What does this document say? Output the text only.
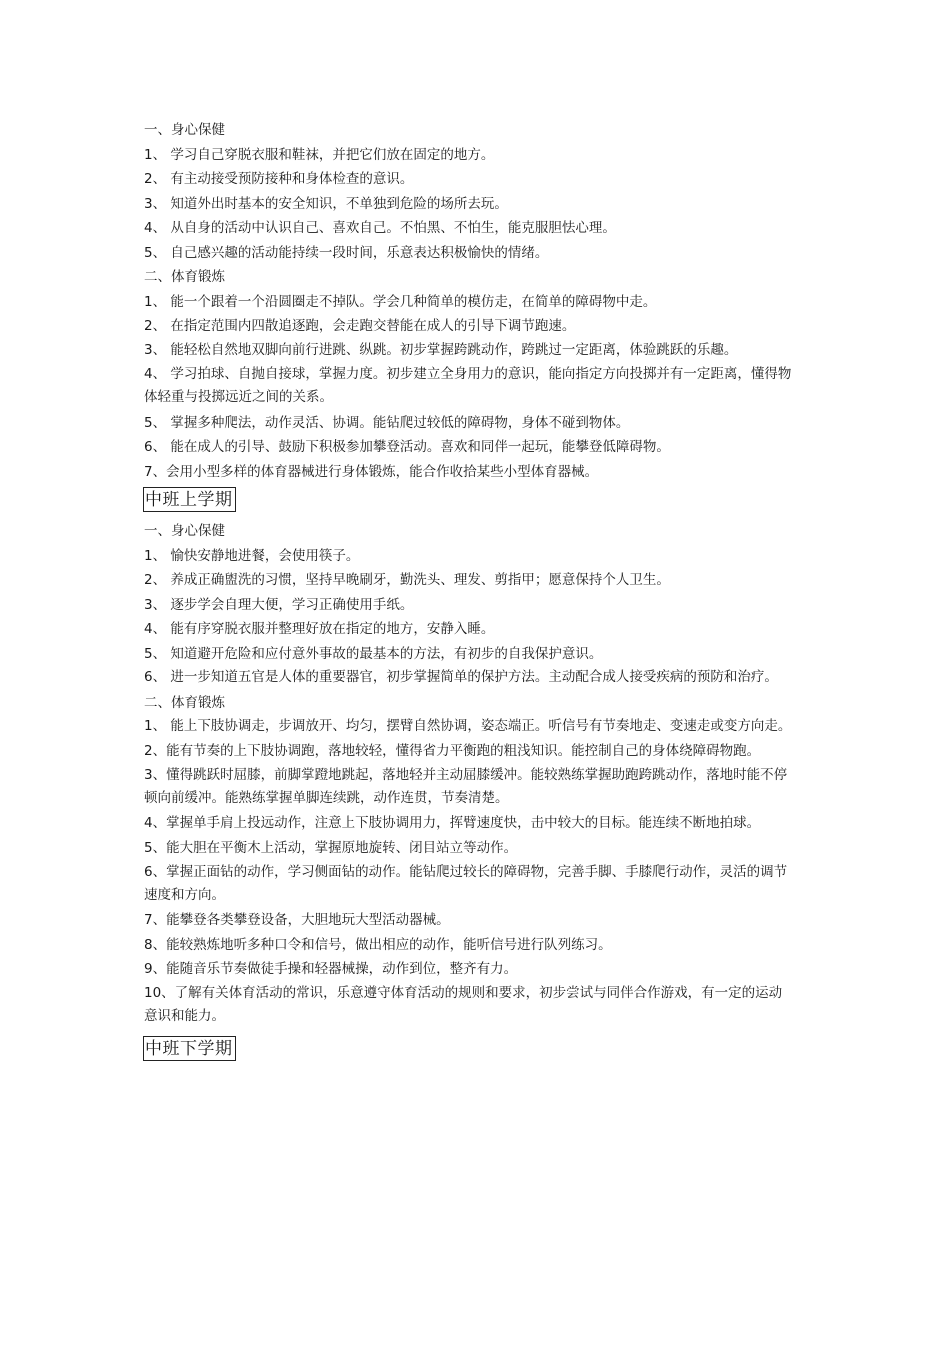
一、身心保健
1、 学习自己穿脱衣服和鞋袜，并把它们放在固定的地方。
2、 有主动接受预防接种和身体检查的意识。
3、 知道外出时基本的安全知识，不单独到危险的场所去玩。
4、 从自身的活动中认识自己、喜欢自己。不怕黑、不怕生，能克服胆怯心理。
5、 自己感兴趣的活动能持续一段时间，乐意表达积极愉快的情绪。
二、体育锻炼
1、 能一个跟着一个沿圆圈走不掉队。学会几种简单的模仿走，在简单的障碍物中走。
2、 在指定范围内四散追逐跑，会走跑交替能在成人的引导下调节跑速。
3、 能轻松自然地双脚向前行进跳、纵跳。初步掌握跨跳动作，跨跳过一定距离，体验跳跃的乐趣。
4、 学习拍球、自抛自接球，掌握力度。初步建立全身用力的意识，能向指定方向投掷并有一定距离，懂得物体轻重与投掷远近之间的关系。
5、 掌握多种爬法，动作灵活、协调。能钻爬过较低的障碍物，身体不碰到物体。
6、 能在成人的引导、鼓励下积极参加攀登活动。喜欢和同伴一起玩，能攀登低障碍物。
7、会用小型多样的体育器械进行身体锻炼，能合作收拾某些小型体育器械。
中班上学期
一、身心保健
1、 愉快安静地进餐，会使用筷子。
2、 养成正确盥洗的习惯，坚持早晚刷牙，勤洗头、理发、剪指甲；愿意保持个人卫生。
3、 逐步学会自理大便，学习正确使用手纸。
4、 能有序穿脱衣服并整理好放在指定的地方，安静入睡。
5、 知道避开危险和应付意外事故的最基本的方法，有初步的自我保护意识。
6、 进一步知道五官是人体的重要器官，初步掌握简单的保护方法。主动配合成人接受疾病的预防和治疗。
二、体育锻炼
1、 能上下肢协调走，步调放开、均匀，摆臂自然协调，姿态端正。听信号有节奏地走、变速走或变方向走。
2、能有节奏的上下肢协调跑，落地较轻，懂得省力平衡跑的粗浅知识。能控制自己的身体绕障碍物跑。
3、懂得跳跃时屈膝，前脚掌蹬地跳起，落地轻并主动屈膝缓冲。能较熟练掌握助跑跨跳动作，落地时能不停顿向前缓冲。能熟练掌握单脚连续跳，动作连贯，节奏清楚。
4、掌握单手肩上投远动作，注意上下肢协调用力，挥臂速度快，击中较大的目标。能连续不断地拍球。
5、能大胆在平衡木上活动，掌握原地旋转、闭目站立等动作。
6、掌握正面钻的动作，学习侧面钻的动作。能钻爬过较长的障碍物，完善手脚、手膝爬行动作，灵活的调节速度和方向。
7、能攀登各类攀登设备，大胆地玩大型活动器械。
8、能较熟炼地听多种口令和信号，做出相应的动作，能听信号进行队列练习。
9、能随音乐节奏做徒手操和轻器械操，动作到位，整齐有力。
10、了解有关体育活动的常识，乐意遵守体育活动的规则和要求，初步尝试与同伴合作游戏，有一定的运动意识和能力。
中班下学期
